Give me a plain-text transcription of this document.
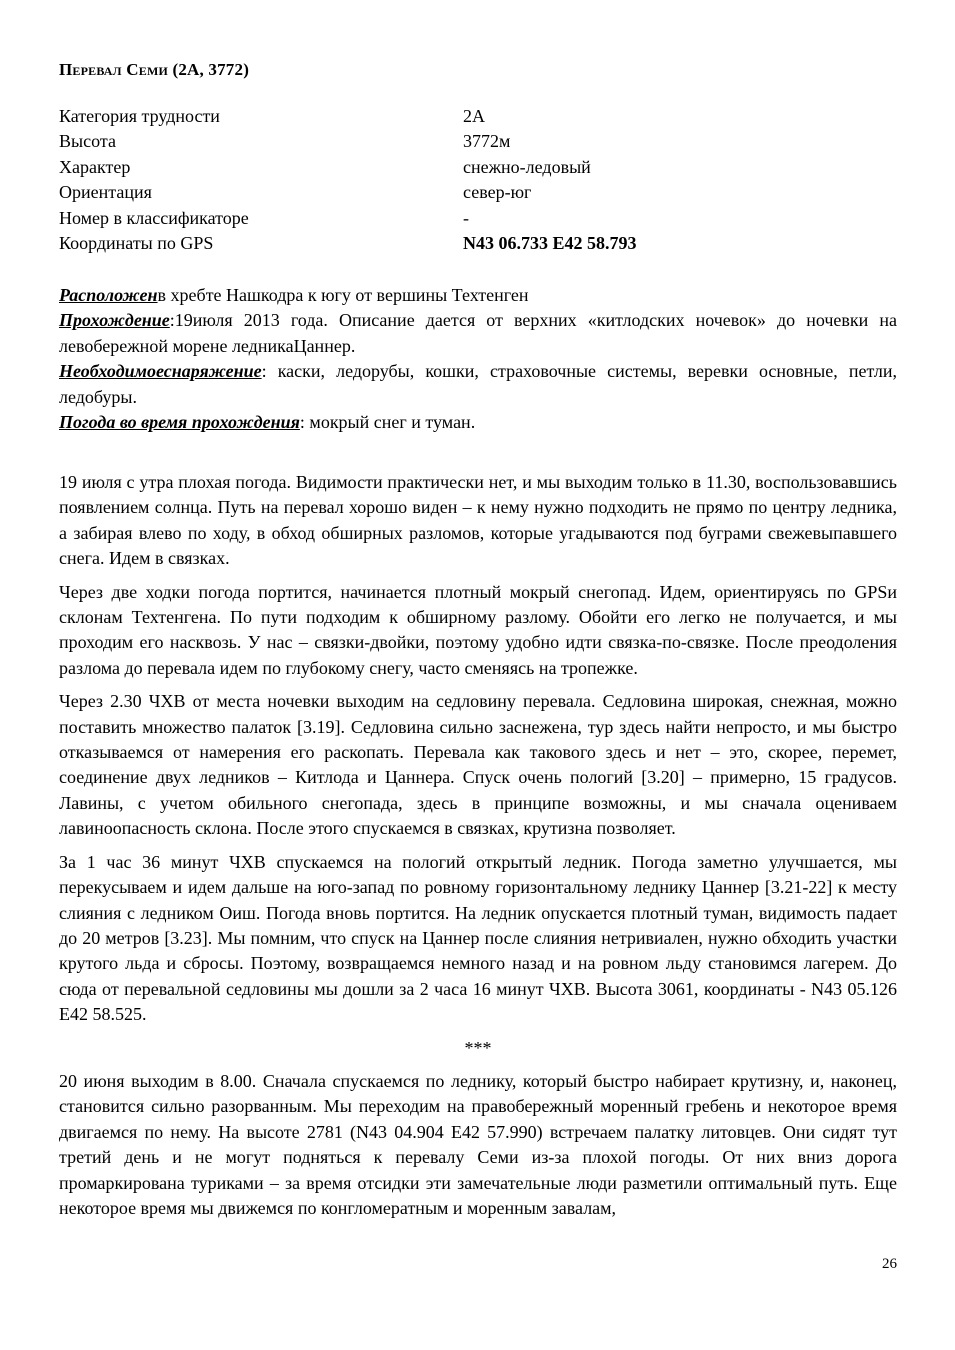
Перевал Семи (2А, 3772)
Категория трудности	2А
Высота	3772м
Характер	снежно-ледовый
Ориентация	север-юг
Номер в классификаторе	-
Координаты по GPS	N43 06.733 E42 58.793
Расположенв хребте Нашкодра к югу от вершины Техтенген
Прохождение:19июля 2013 года. Описание дается от верхних «китлодских ночевок» до ночевки на левобережной морене ледникаЦаннер.
Необходимоеснаряжение: каски, ледорубы, кошки, страховочные системы, веревки основные, петли, ледобуры.
Погода во время прохождения: мокрый снег и туман.

19 июля с утра плохая погода. Видимости практически нет, и мы выходим только в 11.30, воспользовавшись появлением солнца. Путь на перевал хорошо виден – к нему нужно подходить не прямо по центру ледника, а забирая влево по ходу, в обход обширных разломов, которые угадываются под буграми свежевыпавшего снега. Идем в связках.

Через две ходки погода портится, начинается плотный мокрый снегопад. Идем, ориентируясь по GPSи склонам Техтенгена. По пути подходим к обширному разлому. Обойти его легко не получается, и мы проходим его насквозь. У нас – связки-двойки, поэтому удобно идти связка-по-связке. После преодоления разлома до перевала идем по глубокому снегу, часто сменяясь на тропежке.

Через 2.30 ЧХВ от места ночевки выходим на седловину перевала. Седловина широкая, снежная, можно поставить множество палаток [3.19]. Седловина сильно заснежена, тур здесь найти непросто, и мы быстро отказываемся от намерения его раскопать. Перевала как такового здесь и нет – это, скорее, перемет, соединение двух ледников – Китлода и Цаннера. Спуск очень пологий [3.20] – примерно, 15 градусов. Лавины, с учетом обильного снегопада, здесь в принципе возможны, и мы сначала оцениваем лавиноопасность склона. После этого спускаемся в связках, крутизна позволяет.

За 1 час 36 минут ЧХВ спускаемся на пологий открытый ледник. Погода заметно улучшается, мы перекусываем и идем дальше на юго-запад по ровному горизонтальному леднику Цаннер [3.21-22] к месту слияния с ледником Оиш. Погода вновь портится. На ледник опускается плотный туман, видимость падает до 20 метров [3.23]. Мы помним, что спуск на Цаннер после слияния нетривиален, нужно обходить участки крутого льда и сбросы. Поэтому, возвращаемся немного назад и на ровном льду становимся лагерем. До сюда от перевальной седловины мы дошли за 2 часа 16 минут ЧХВ. Высота 3061, координаты - N43 05.126 E42 58.525.

***

20 июня выходим в 8.00. Сначала спускаемся по леднику, который быстро набирает крутизну, и, наконец, становится сильно разорванным. Мы переходим на правобережный моренный гребень и некоторое время двигаемся по нему. На высоте 2781 (N43 04.904 E42 57.990) встречаем палатку литовцев. Они сидят тут третий день и не могут подняться к перевалу Семи из-за плохой погоды. От них вниз дорога промаркирована туриками – за время отсидки эти замечательные люди разметили оптимальный путь. Еще некоторое время мы движемся по конгломератным и моренным завалам,

26
